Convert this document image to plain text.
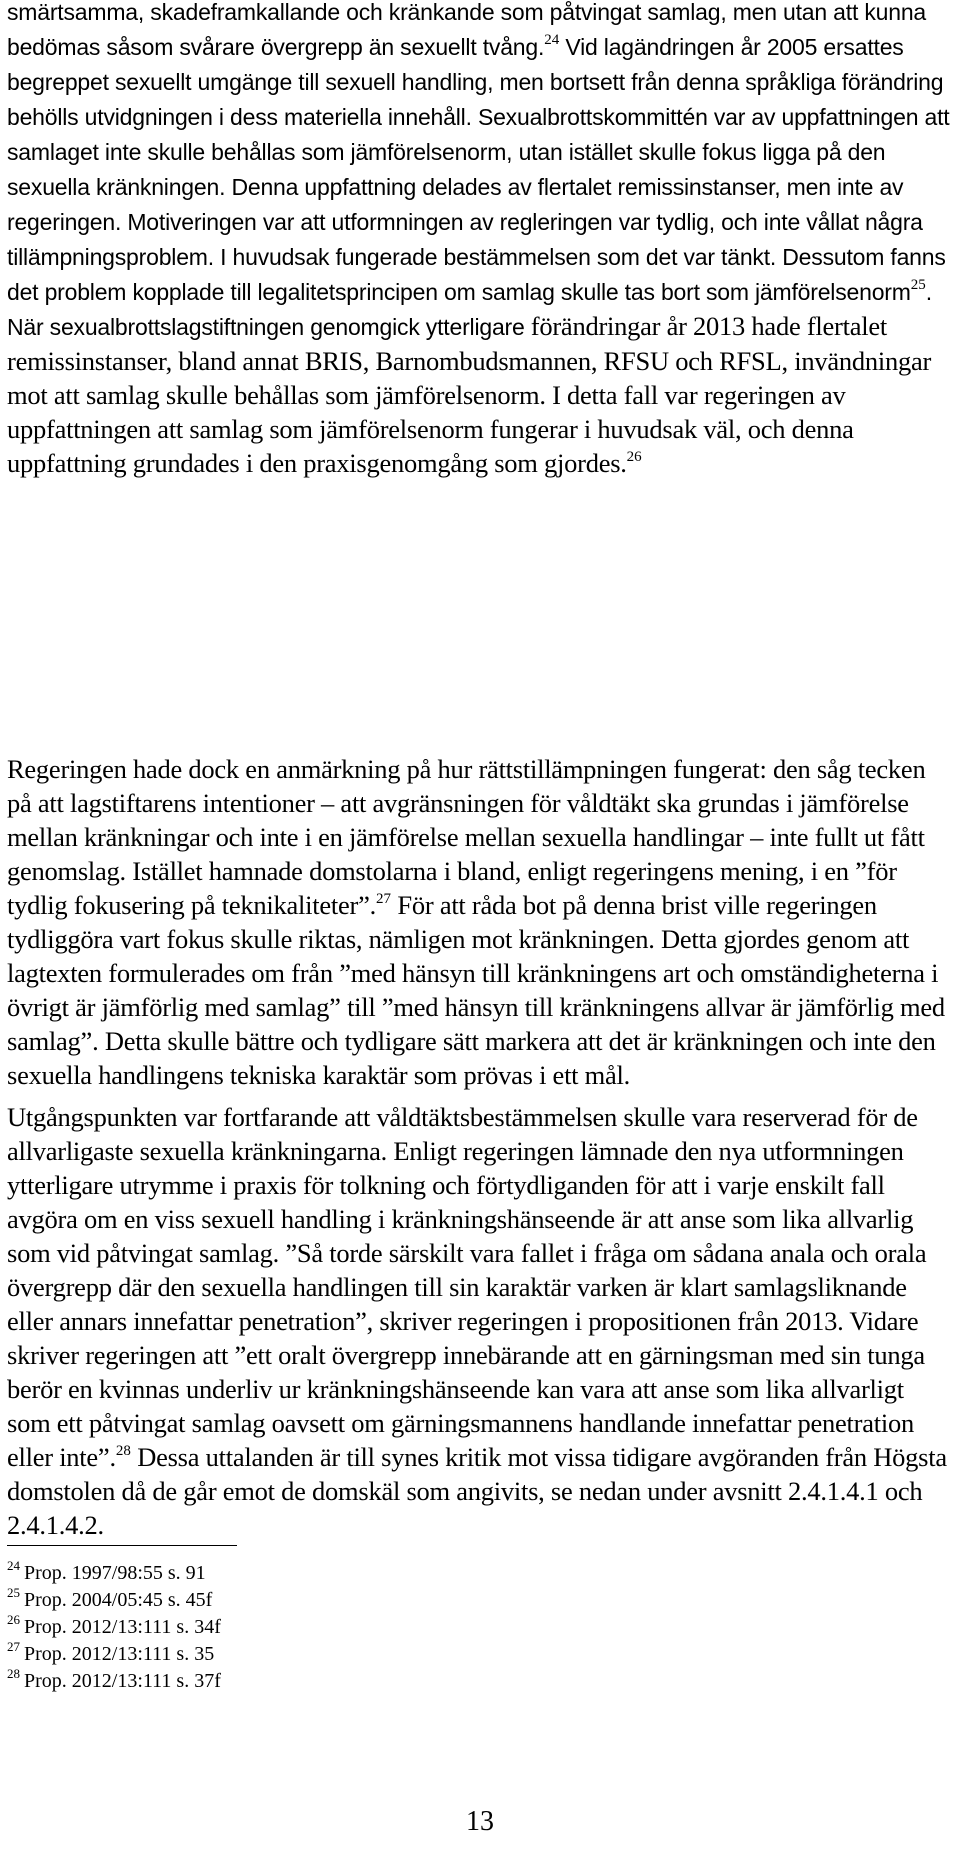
smärtsamma, skadeframkallande och kränkande som påtvingat samlag, men utan att kunna bedömas såsom svårare övergrepp än sexuellt tvång.$^{24}$ Vid lagändringen år 2005 ersattes begreppet sexuellt umgänge till sexuell handling, men bortsett från denna språkliga förändring behölls utvidgningen i dess materiella innehåll. Sexualbrottskommittén var av uppfattningen att samlaget inte skulle behållas som jämförelsenorm, utan istället skulle fokus ligga på den sexuella kränkningen. Denna uppfattning delades av flertalet remissinstanser, men inte av regeringen. Motiveringen var att utformningen av regleringen var tydlig, och inte vållat några tillämpningsproblem. I huvudsak fungerade bestämmelsen som det var tänkt. Dessutom fanns det problem kopplade till legalitetsprincipen om samlag skulle tas bort som jämförelsenorm$^{25}$. När sexualbrottslagstiftningen genomgick ytterligare förändringar år 2013 hade flertalet remissinstanser, bland annat BRIS, Barnombudsmannen, RFSU och RFSL, invändningar mot att samlag skulle behållas som jämförelsenorm. I detta fall var regeringen av uppfattningen att samlag som jämförelsenorm fungerar i huvudsak väl, och denna uppfattning grundades i den praxisgenomgång som gjordes.$^{26}$

Regeringen hade dock en anmärkning på hur rättstillämpningen fungerat: den såg tecken på att lagstiftarens intentioner – att avgränsningen för våldtäkt ska grundas i jämförelse mellan kränkningar och inte i en jämförelse mellan sexuella handlingar – inte fullt ut fått genomslag. Istället hamnade domstolarna i bland, enligt regeringens mening, i en ”för tydlig fokusering på teknikaliteter”.$^{27}$ För att råda bot på denna brist ville regeringen tydliggöra vart fokus skulle riktas, nämligen mot kränkningen. Detta gjordes genom att lagtexten formulerades om från ”med hänsyn till kränkningens art och omständigheterna i övrigt är jämförlig med samlag” till ”med hänsyn till kränkningens allvar är jämförlig med samlag”. Detta skulle bättre och tydligare sätt markera att det är kränkningen och inte den sexuella handlingens tekniska karaktär som prövas i ett mål.

Utgångspunkten var fortfarande att våldtäktsbestämmelsen skulle vara reserverad för de allvarligaste sexuella kränkningarna. Enligt regeringen lämnade den nya utformningen ytterligare utrymme i praxis för tolkning och förtydliganden för att i varje enskilt fall avgöra om en viss sexuell handling i kränkningshänseende är att anse som lika allvarlig som vid påtvingat samlag. ”Så torde särskilt vara fallet i fråga om sådana anala och orala övergrepp där den sexuella handlingen till sin karaktär varken är klart samlagsliknande eller annars innefattar penetration”, skriver regeringen i propositionen från 2013. Vidare skriver regeringen att ”ett oralt övergrepp innebärande att en gärningsman med sin tunga berör en kvinnas underliv ur kränkningshänseende kan vara att anse som lika allvarligt som ett påtvingat samlag oavsett om gärningsmannens handlande innefattar penetration eller inte”.$^{28}$ Dessa uttalanden är till synes kritik mot vissa tidigare avgöranden från Högsta domstolen då de går emot de domskäl som angivits, se nedan under avsnitt 2.4.1.4.1 och 2.4.1.4.2.

$^{24}$ Prop. 1997/98:55 s. 91
$^{25}$ Prop. 2004/05:45 s. 45f
$^{26}$ Prop. 2012/13:111 s. 34f
$^{27}$ Prop. 2012/13:111 s. 35
$^{28}$ Prop. 2012/13:111 s. 37f
13
